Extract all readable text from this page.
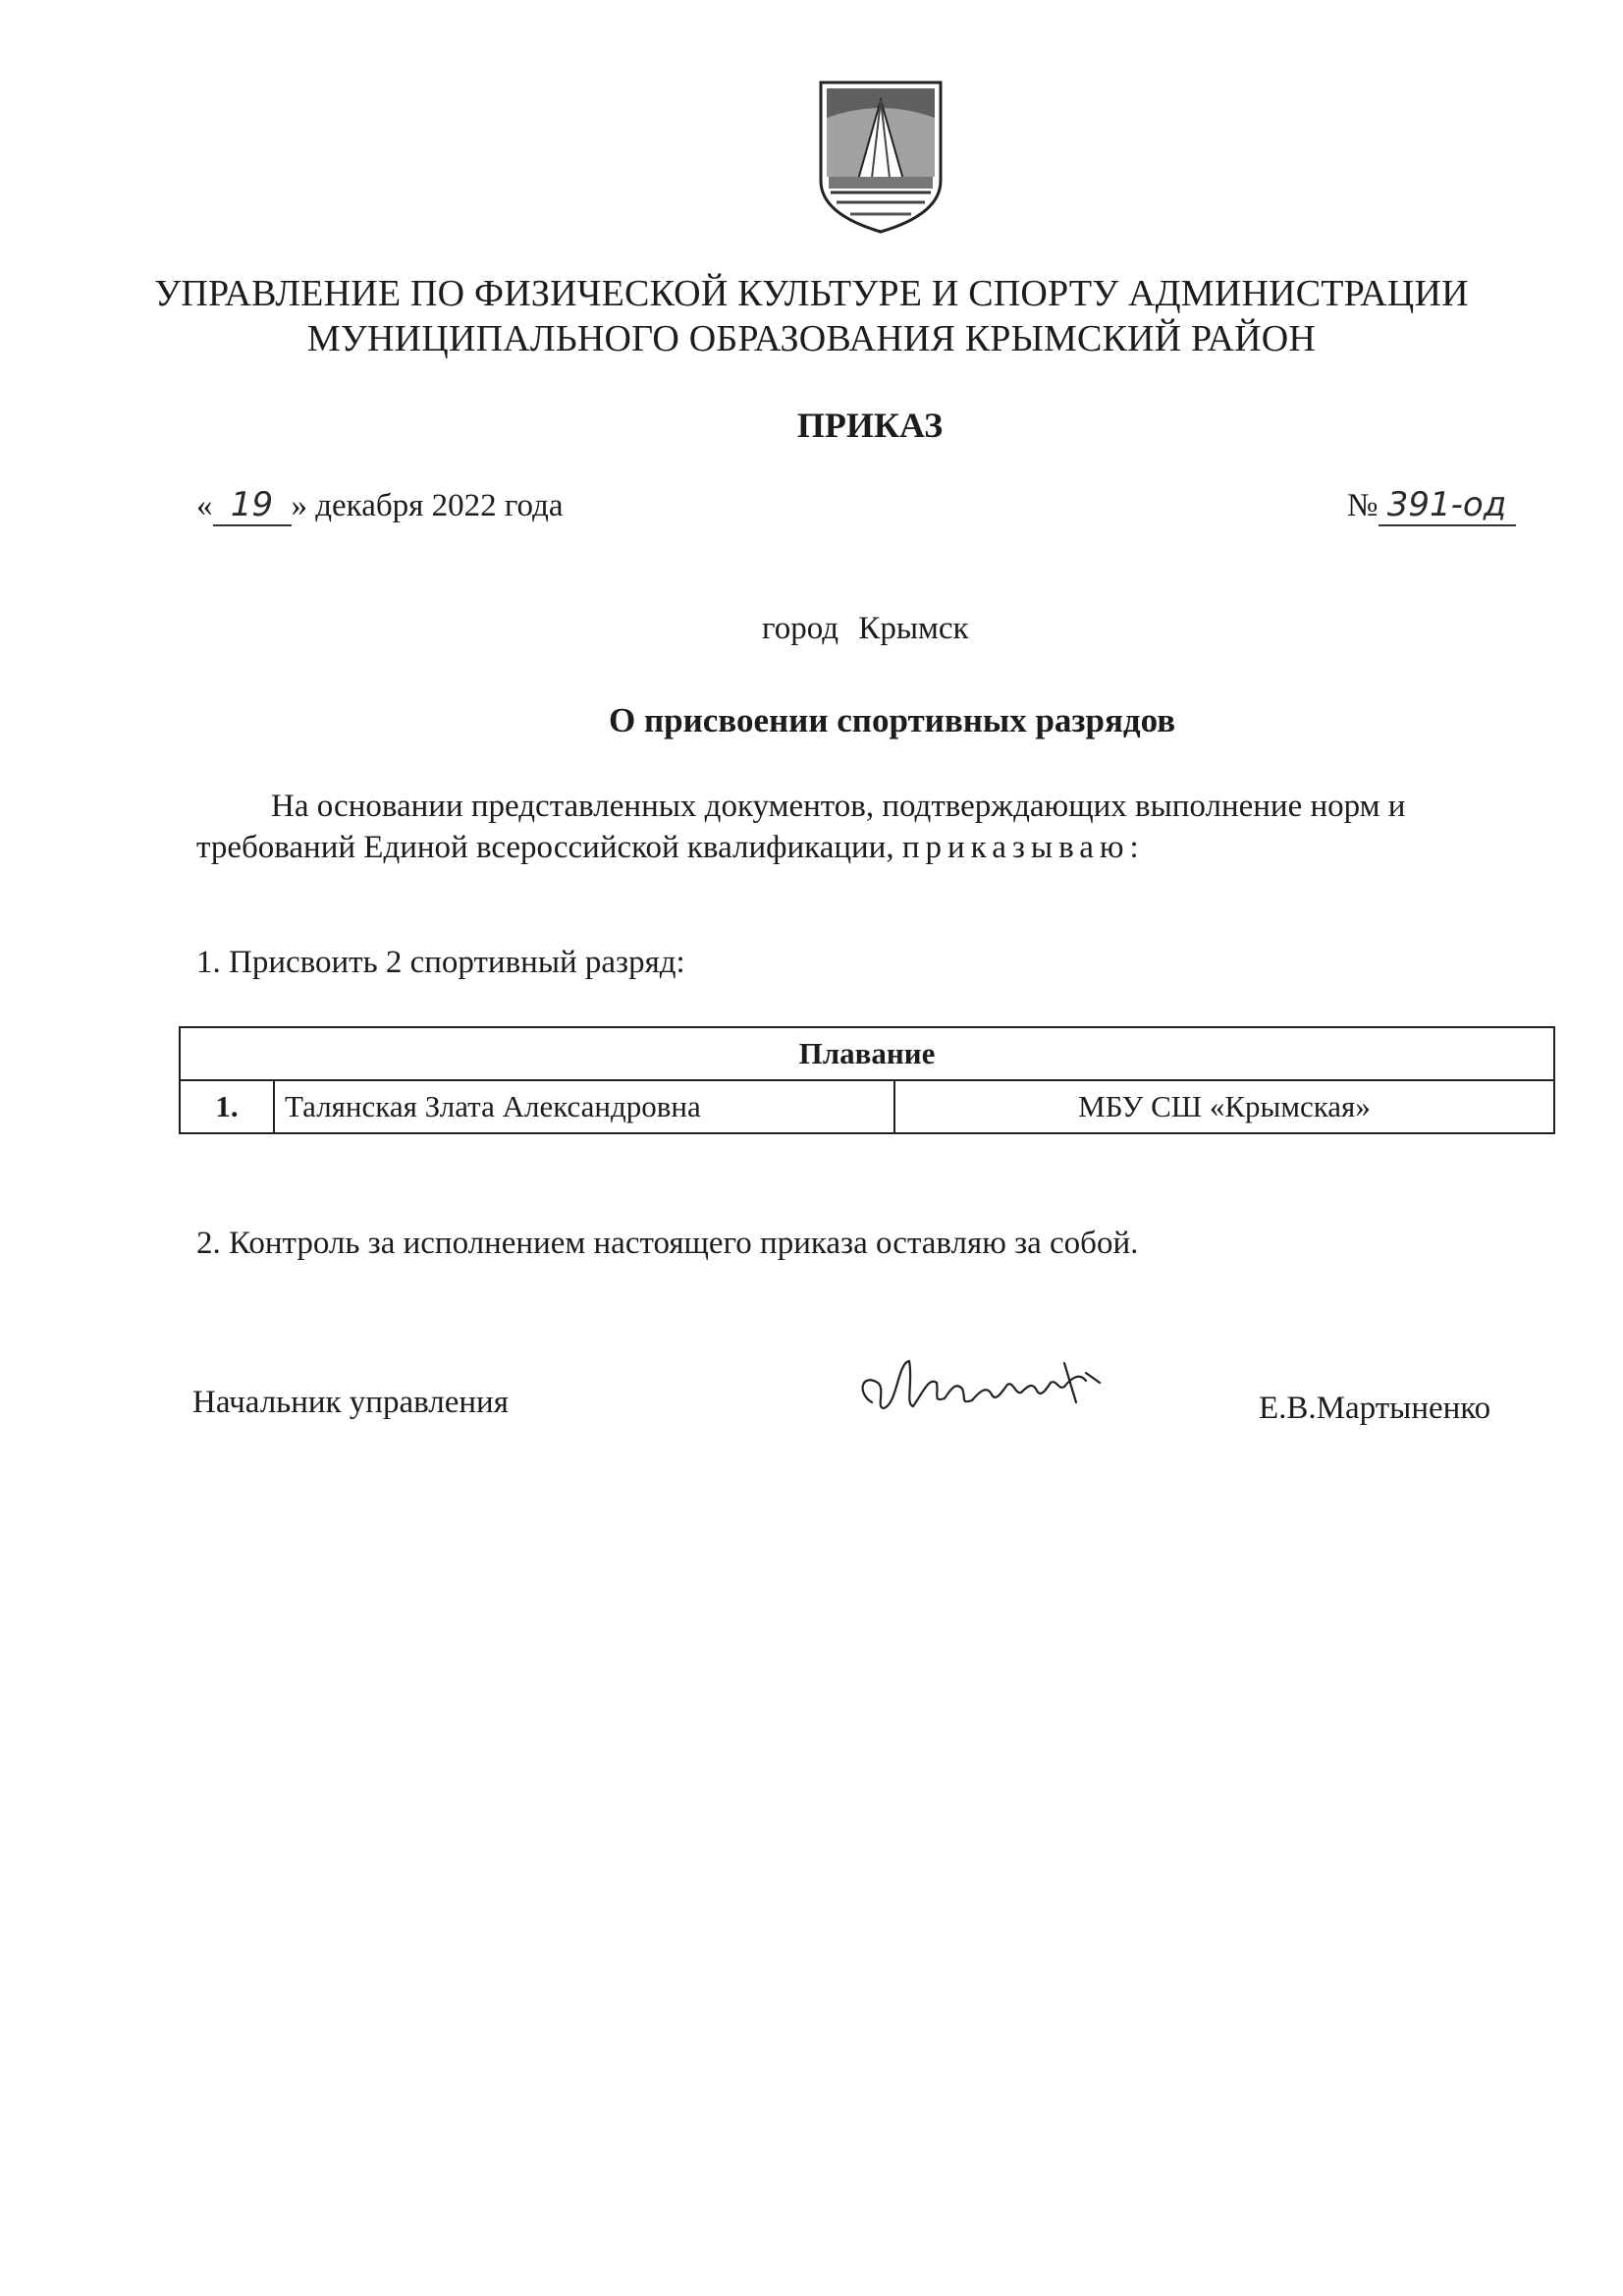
УПРАВЛЕНИЕ ПО ФИЗИЧЕСКОЙ КУЛЬТУРЕ И СПОРТУ АДМИНИСТРАЦИИ
МУНИЦИПАЛЬНОГО ОБРАЗОВАНИЯ КРЫМСКИЙ РАЙОН
ПРИКАЗ
« 19 » декабря 2022 года	№ 391-од
город Крымск
О присвоении спортивных разрядов
На основании представленных документов, подтверждающих выполнение норм и требований Единой всероссийской квалификации, приказываю:
1. Присвоить 2 спортивный разряд:
Плавание
1.	Талянская Злата Александровна	МБУ СШ «Крымская»
2. Контроль за исполнением настоящего приказа оставляю за собой.
Начальник управления	Е.В.Мартыненко
